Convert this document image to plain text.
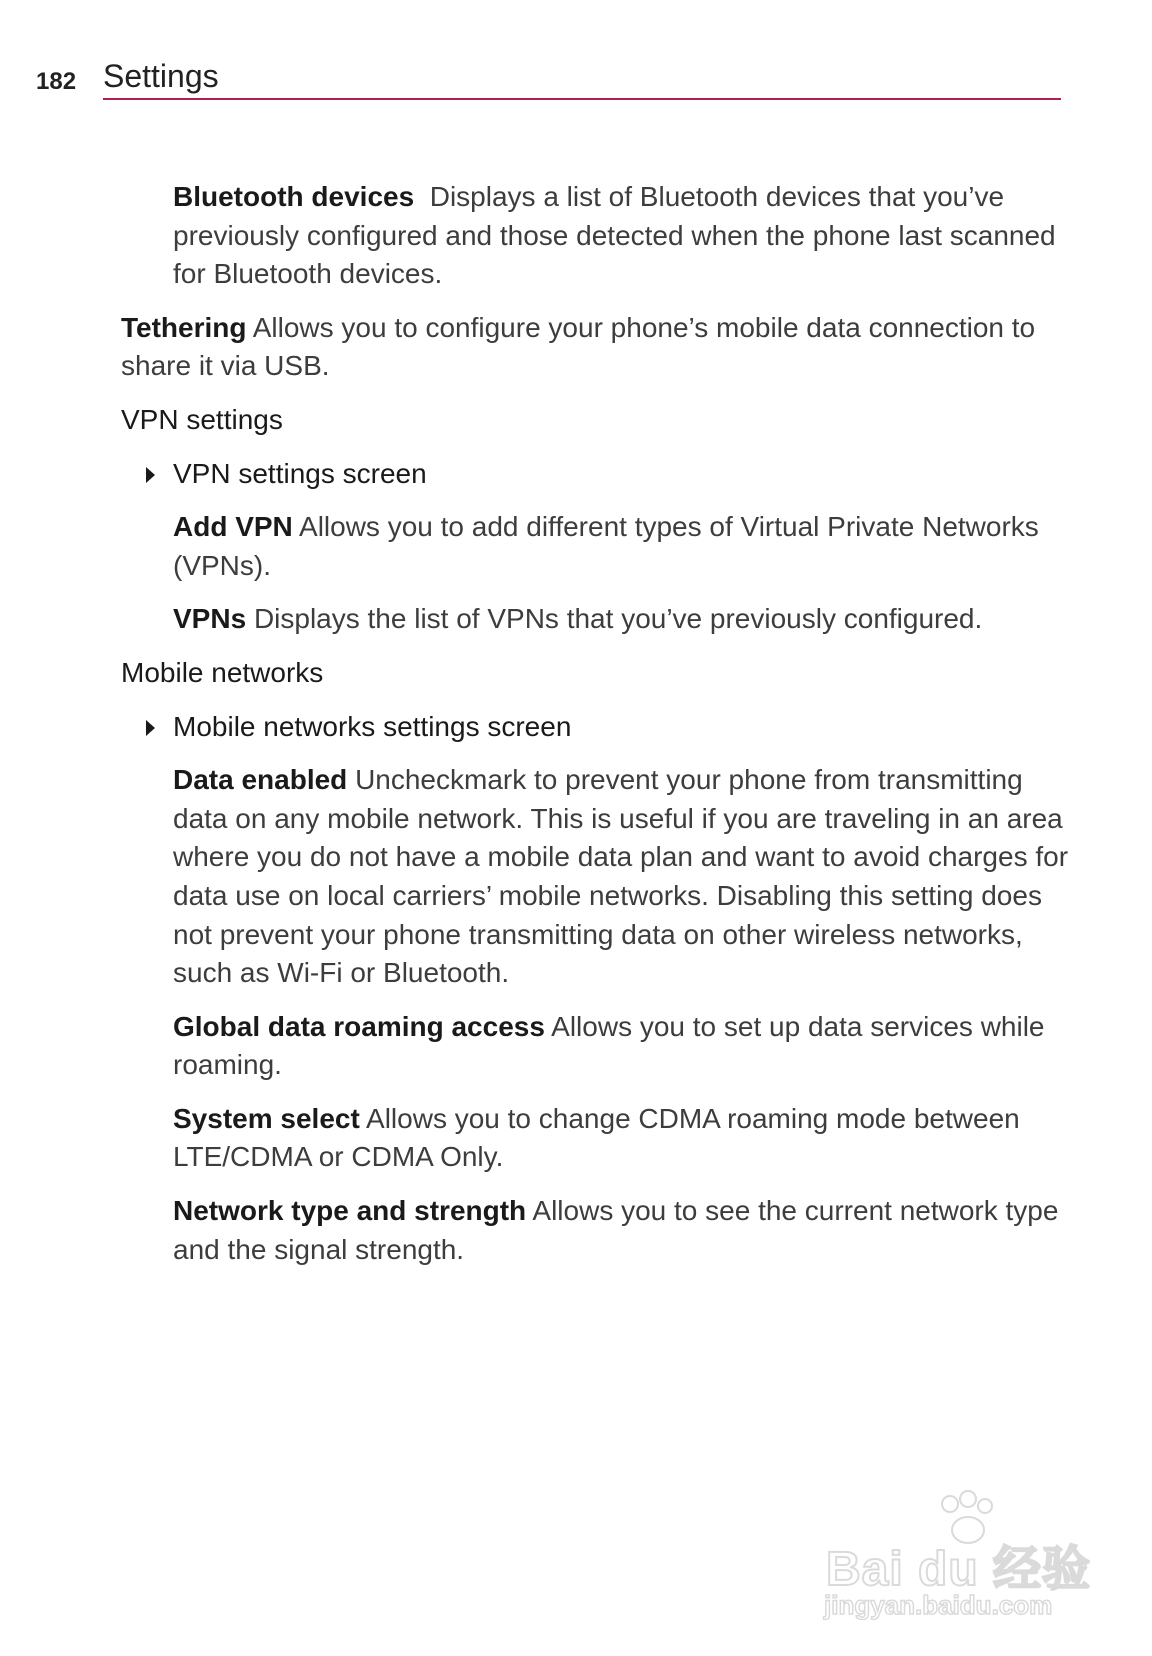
182 Settings

Bluetooth devices Displays a list of Bluetooth devices that you’ve previously configured and those detected when the phone last scanned for Bluetooth devices.

Tethering Allows you to configure your phone’s mobile data connection to share it via USB.

VPN settings

VPN settings screen

Add VPN Allows you to add different types of Virtual Private Networks (VPNs).

VPNs Displays the list of VPNs that you’ve previously configured.

Mobile networks

Mobile networks settings screen

Data enabled Uncheckmark to prevent your phone from transmitting data on any mobile network. This is useful if you are traveling in an area where you do not have a mobile data plan and want to avoid charges for data use on local carriers’ mobile networks. Disabling this setting does not prevent your phone transmitting data on other wireless networks, such as Wi-Fi or Bluetooth.

Global data roaming access Allows you to set up data services while roaming.

System select Allows you to change CDMA roaming mode between LTE/CDMA or CDMA Only.

Network type and strength Allows you to see the current network type and the signal strength.

Bai du 经验
jingyan.baidu.com
